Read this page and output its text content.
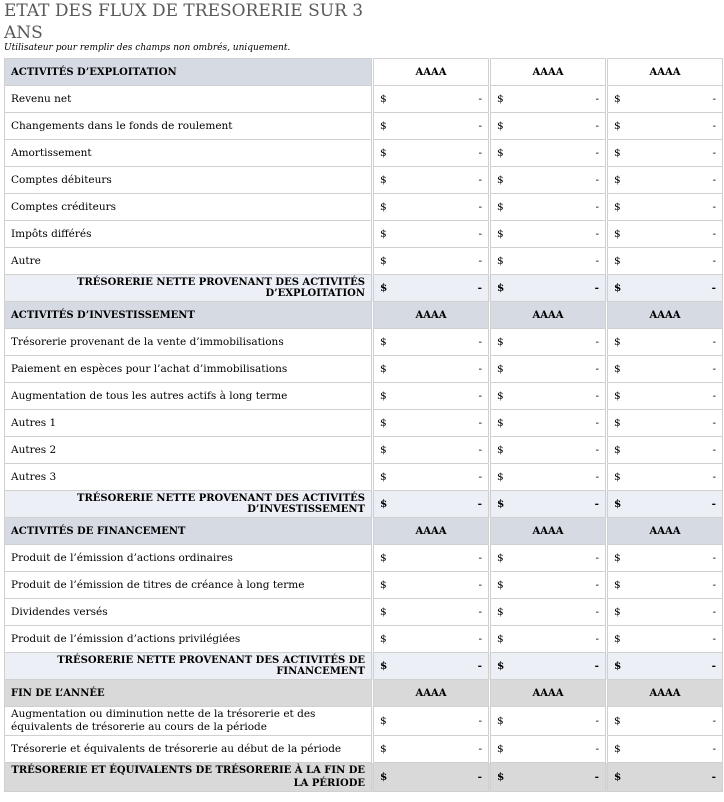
ETAT DES FLUX DE TRESORERIE SUR 3 ANS

Utilisateur pour remplir des champs non ombrés, uniquement.

ACTIVITÉS D’EXPLOITATION		AAAA		AAAA		AAAA
Revenu net		$ -		$ -		$ -

Changements dans le fonds de roulement		$ -		$ -		$ -

Amortissement		$ -		$ -		$ -

Comptes débiteurs		$ -		$ -		$ -

Comptes créditeurs		$ -		$ -		$ -

Impôts différés		$ -		$ -		$ -

Autre		$ -		$ -		$ -

TRÉSORERIE NETTE PROVENANT DES ACTIVITÉS D’EXPLOITATION		$ -		$ -		$ -

ACTIVITÉS D’INVESTISSEMENT		AAAA		AAAA		AAAA
Trésorerie provenant de la vente d’immobilisations		$ -		$ -		$ -

Paiement en espèces pour l’achat d’immobilisations		$ -		$ -		$ -

Augmentation de tous les autres actifs à long terme		$ -		$ -		$ -

Autres 1		$ -		$ -		$ -

Autres 2		$ -		$ -		$ -

Autres 3		$ -		$ -		$ -

TRÉSORERIE NETTE PROVENANT DES ACTIVITÉS D’INVESTISSEMENT		$ -		$ -		$ -

ACTIVITÉS DE FINANCEMENT		AAAA		AAAA		AAAA
Produit de l’émission d’actions ordinaires		$ -		$ -		$ -

Produit de l’émission de titres de créance à long terme		$ -		$ -		$ -

Dividendes versés		$ -		$ -		$ -

Produit de l’émission d’actions privilégiées		$ -		$ -		$ -

TRÉSORERIE NETTE PROVENANT DES ACTIVITÉS DE FINANCEMENT		$ -		$ -		$ -

FIN DE L’ANNÉE		AAAA		AAAA		AAAA
Augmentation ou diminution nette de la trésorerie et des équivalents de trésorerie au cours de la période		$ -		$ -		$ -

Trésorerie et équivalents de trésorerie au début de la période		$ -		$ -		$ -

TRÉSORERIE ET ÉQUIVALENTS DE TRÉSORERIE À LA FIN DE LA PÉRIODE		$ -		$ -		$ -
